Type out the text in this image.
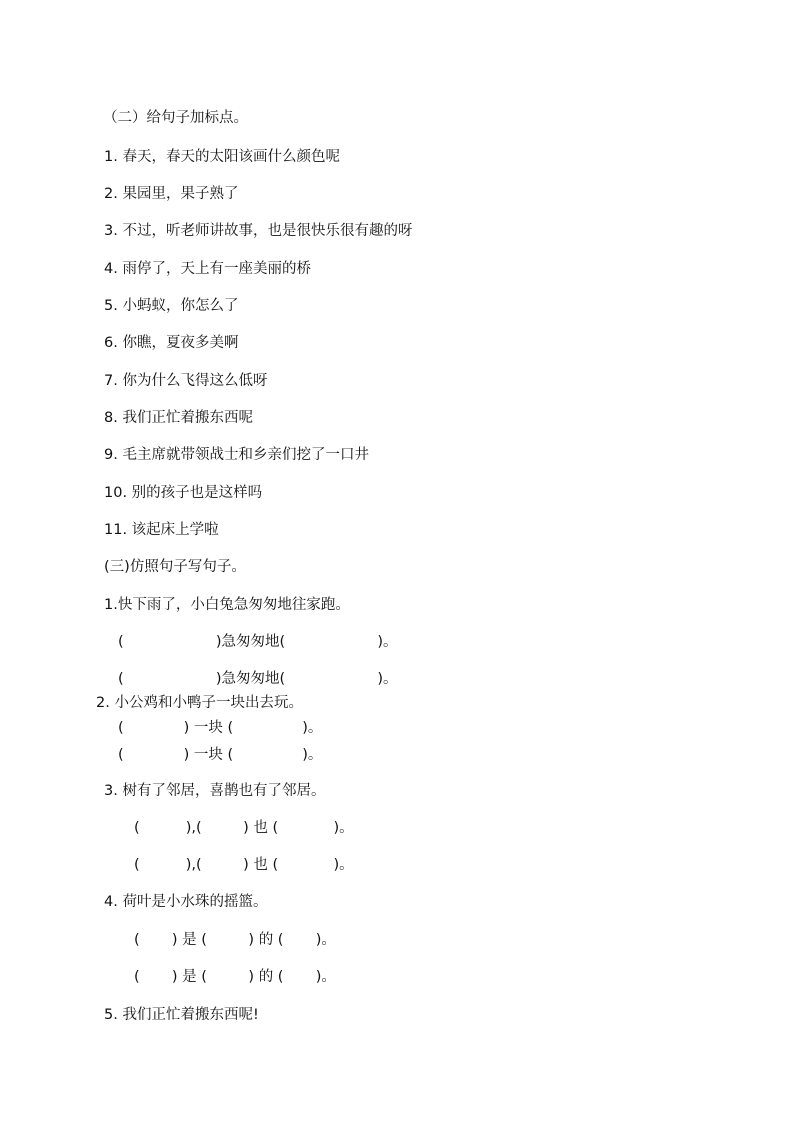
（二）给句子加标点。
1. 春天，春天的太阳该画什么颜色呢
2. 果园里，果子熟了
3. 不过，听老师讲故事，也是很快乐很有趣的呀
4. 雨停了，天上有一座美丽的桥
5. 小蚂蚁，你怎么了
6. 你瞧，夏夜多美啊
7. 你为什么飞得这么低呀
8. 我们正忙着搬东西呢
9. 毛主席就带领战士和乡亲们挖了一口井
10. 别的孩子也是这样吗
11. 该起床上学啦
(三)仿照句子写句子。
1.快下雨了，小白兔急匆匆地往家跑。
(                    )急匆匆地(                    )。
(                    )急匆匆地(                    )。
2. 小公鸡和小鸭子一块出去玩。
(             ) 一块 (               )。
(             ) 一块 (               )。
3. 树有了邻居，喜鹊也有了邻居。
(          ),(         ) 也 (            )。
(          ),(         ) 也 (            )。
4. 荷叶是小水珠的摇篮。
(       ) 是 (         ) 的 (       )。
(       ) 是 (         ) 的 (       )。
5. 我们正忙着搬东西呢!
